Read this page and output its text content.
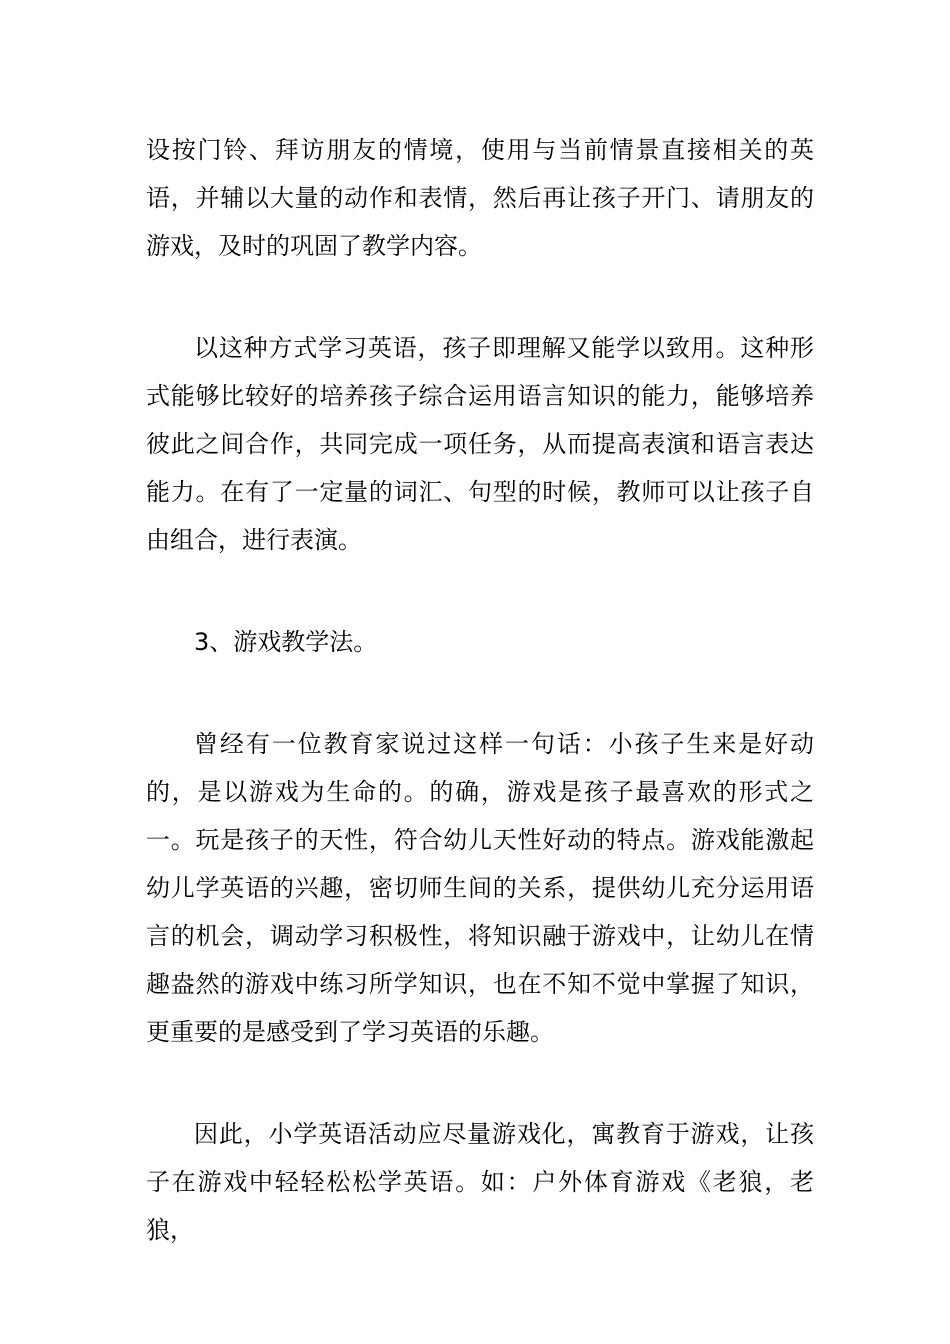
设按门铃、拜访朋友的情境，使用与当前情景直接相关的英语，并辅以大量的动作和表情，然后再让孩子开门、请朋友的游戏，及时的巩固了教学内容。

以这种方式学习英语，孩子即理解又能学以致用。这种形式能够比较好的培养孩子综合运用语言知识的能力，能够培养彼此之间合作，共同完成一项任务，从而提高表演和语言表达能力。在有了一定量的词汇、句型的时候，教师可以让孩子自由组合，进行表演。

3、游戏教学法。

曾经有一位教育家说过这样一句话：小孩子生来是好动的，是以游戏为生命的。的确，游戏是孩子最喜欢的形式之一。玩是孩子的天性，符合幼儿天性好动的特点。游戏能激起幼儿学英语的兴趣，密切师生间的关系，提供幼儿充分运用语言的机会，调动学习积极性，将知识融于游戏中，让幼儿在情趣盎然的游戏中练习所学知识，也在不知不觉中掌握了知识，更重要的是感受到了学习英语的乐趣。

因此，小学英语活动应尽量游戏化，寓教育于游戏，让孩子在游戏中轻轻松松学英语。如：户外体育游戏《老狼，老狼，
